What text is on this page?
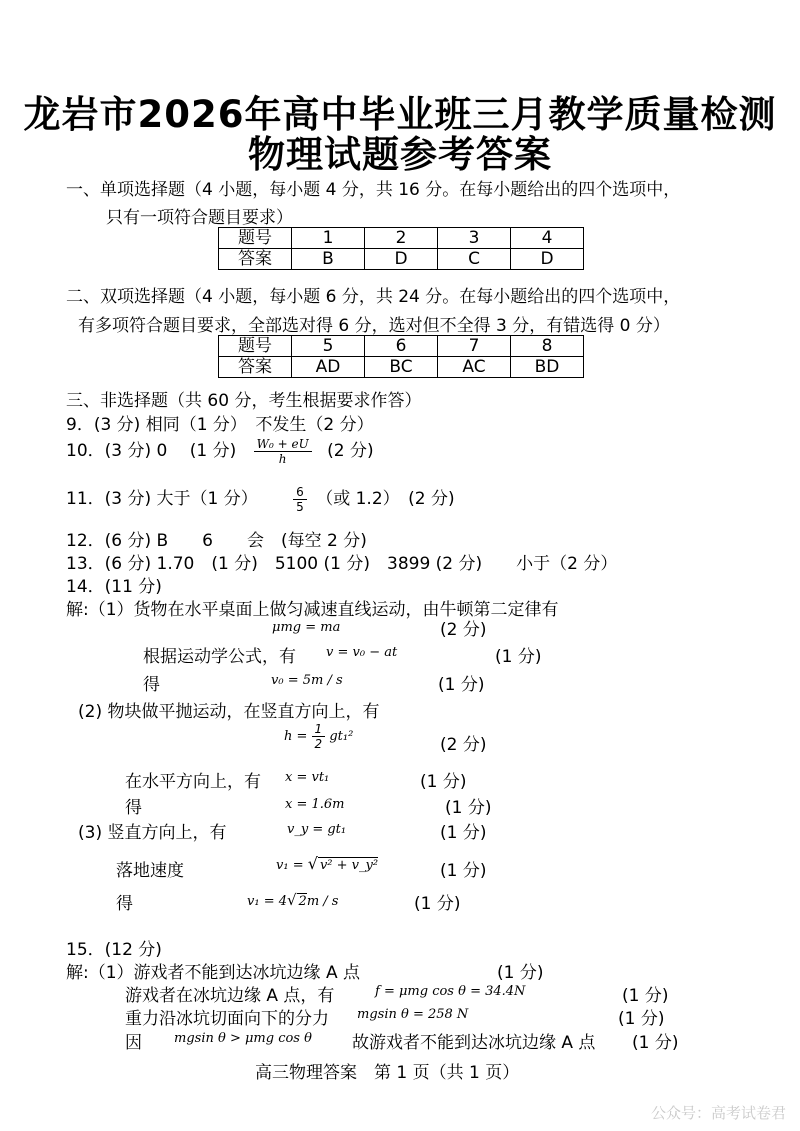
龙岩市2026年高中毕业班三月教学质量检测
物理试题参考答案
一、单项选择题（4 小题，每小题 4 分，共 16 分。在每小题给出的四个选项中，
只有一项符合题目要求）
题号	1	2	3	4
答案	B	D	C	D
二、双项选择题（4 小题，每小题 6 分，共 24 分。在每小题给出的四个选项中，
有多项符合题目要求，全部选对得 6 分，选对但不全得 3 分，有错选得 0 分）
题号	5	6	7	8
答案	AD	BC	AC	BD
三、非选择题（共 60 分，考生根据要求作答）
9．(3 分) 相同（1 分）　不发生（2 分）
10．(3 分) 0　 (1 分) $\frac{\text{W₀ + eU}}{h} (2$ 分)
11．(3 分) 大于（1 分）	$\frac{6}{5}$ （或 1.2）　(2 分)
12．(6 分) B　　6　　会　(每空 2 分)
13．(6 分) 1.70　(1 分)　5100 (1 分)　3899 (2 分)　　小于（2 分）
14．(11 分)
解:（1）货物在水平桌面上做匀减速直线运动，由牛顿第二定律有
μmg = ma	(2 分)
根据运动学公式，有 v = v₀ − at	(1 分)
得	v₀ = 5m / s	(1 分)
(2) 物块做平抛运动，在竖直方向上，有
$h = \frac{1}{2} gt_1^2$	(2 分)
在水平方向上，有 x = vt₁	(1 分)
得	x = 1.6m	(1 分)
(3) 竖直方向上，有	v_y = gt₁	(1 分)
落地速度	v₁ = √ v² + v_y²	(1 分)
得	v₁ = 4√ 2m / s	(1 分)
15．(12 分)
解:（1）游戏者不能到达冰坑边缘 A 点	(1 分)
游戏者在冰坑边缘 A 点，有	f = μmg cos θ = 34.4N	(1 分)
重力沿冰坑切面向下的分力 mgsin θ = 258 N	(1 分)
因 mgsin θ > μmg cos θ 故游戏者不能到达冰坑边缘 A 点 (1 分)
高三物理答案　第 1 页（共 1 页）
公众号：高考试卷君
